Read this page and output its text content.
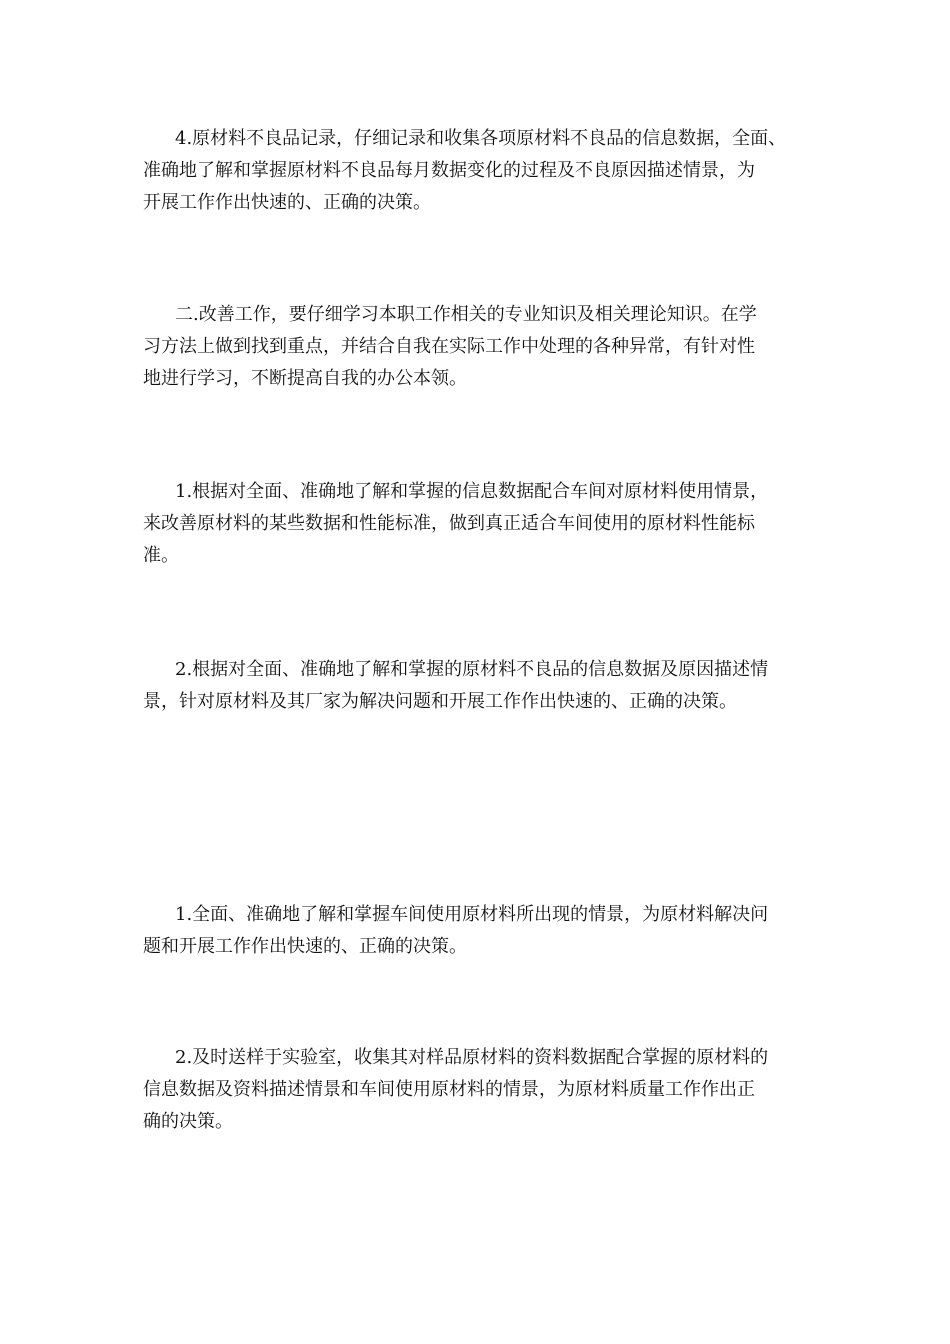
4.原材料不良品记录，仔细记录和收集各项原材料不良品的信息数据，全面、
准确地了解和掌握原材料不良品每月数据变化的过程及不良原因描述情景，为
开展工作作出快速的、正确的决策。

二.改善工作，要仔细学习本职工作相关的专业知识及相关理论知识。在学
习方法上做到找到重点，并结合自我在实际工作中处理的各种异常，有针对性
地进行学习，不断提高自我的办公本领。

1.根据对全面、准确地了解和掌握的信息数据配合车间对原材料使用情景，
来改善原材料的某些数据和性能标准，做到真正适合车间使用的原材料性能标
准。

2.根据对全面、准确地了解和掌握的原材料不良品的信息数据及原因描述情
景，针对原材料及其厂家为解决问题和开展工作作出快速的、正确的决策。

1.全面、准确地了解和掌握车间使用原材料所出现的情景，为原材料解决问
题和开展工作作出快速的、正确的决策。

2.及时送样于实验室，收集其对样品原材料的资料数据配合掌握的原材料的
信息数据及资料描述情景和车间使用原材料的情景，为原材料质量工作作出正
确的决策。
